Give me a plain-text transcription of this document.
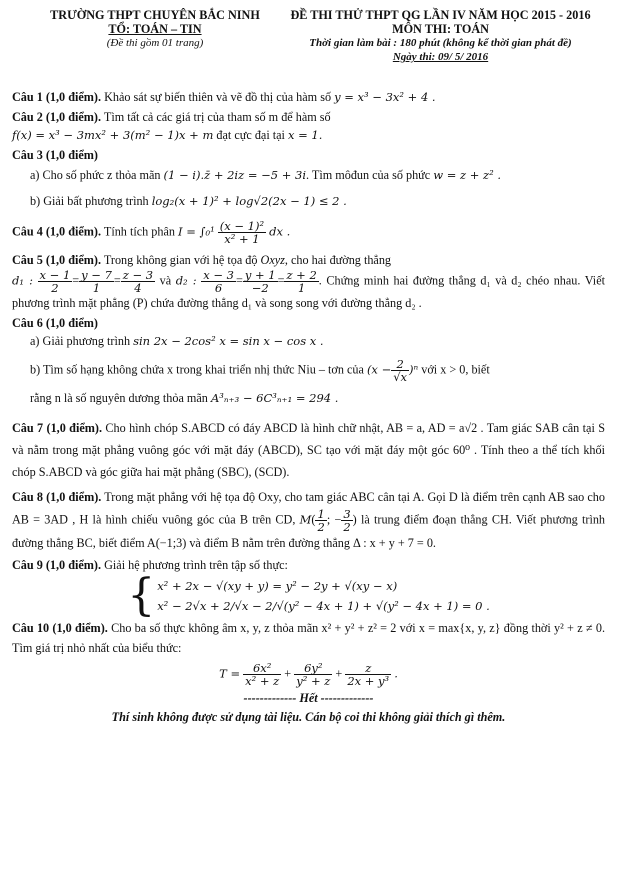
TRƯỜNG THPT CHUYÊN BẮC NINH
TỔ: TOÁN – TIN
(Đề thi gồm 01 trang)
ĐỀ THI THỬ THPT QG LẦN IV NĂM HỌC 2015 - 2016
MÔN THI: TOÁN
Thời gian làm bài : 180 phút (không kể thời gian phát đề)
Ngày thi: 09/ 5/ 2016

Câu 1 (1,0 điểm). Khảo sát sự biến thiên và vẽ đồ thị của hàm số y = x³ − 3x² + 4 .

Câu 2 (1,0 điểm). Tìm tất cả các giá trị của tham số m để hàm số
f(x) = x³ − 3mx² + 3(m² − 1)x + m đạt cực đại tại x = 1.

Câu 3 (1,0 điểm)

a) Cho số phức z thỏa mãn (1 − i).z̄ + 2iz = −5 + 3i. Tìm môđun của số phức w = z + z² .

b) Giải bất phương trình log₂(x + 1)² + log√2(2x − 1) ≤ 2 .

Câu 4 (1,0 điểm). Tính tích phân $I = \int_0^1 \frac{\text{(x − 1)²}}{\text{x² + 1}}$ dx .

Câu 5 (1,0 điểm). Trong không gian với hệ tọa độ Oxyz, cho hai đường thẳng
d₁ : $\frac{x - 1}{2} = \frac{y - 7}{1} = \frac{z - 3}{4}$ và d₂ : $\frac{x - 3}{6} = \frac{y + 1}{-2} = \frac{z + 2}{1}$ . Chứng minh hai đường thẳng d₁ và d₂ chéo nhau. Viết phương trình mặt phẳng (P) chứa đường thẳng d₁ và song song với đường thẳng d₂ .

Câu 6 (1,0 điểm)

a) Giải phương trình sin 2x − 2cos² x = sin x − cos x .

b) Tìm số hạng không chứa x trong khai triển nhị thức Niu – tơn của $(x - \frac{2}{√x} )^n$ với x > 0, biết

rằng n là số nguyên dương thỏa mãn A³ₙ₊₃ − 6C³ₙ₊₁ = 294 .

Câu 7 (1,0 điểm). Cho hình chóp S.ABCD có đáy ABCD là hình chữ nhật, AB = a, AD = a√2 . Tam giác SAB cân tại S và nằm trong mặt phẳng vuông góc với mặt đáy (ABCD), SC tạo với mặt đáy một góc 60⁰ . Tính theo a thể tích khối chóp S.ABCD và góc giữa hai mặt phẳng (SBC), (SCD).

Câu 8 (1,0 điểm). Trong mặt phẳng với hệ tọa độ Oxy, cho tam giác ABC cân tại A. Gọi D là điểm trên cạnh AB sao cho AB = 3AD , H là hình chiếu vuông góc của B trên CD, $M( \frac{1}{2}$ ; − $\frac{3}{2}$ ) là trung điểm đoạn thẳng CH. Viết phương trình đường thẳng BC, biết điểm A(−1;3) và điểm B nằm trên đường thẳng Δ : x + y + 7 = 0.

Câu 9 (1,0 điểm). Giải hệ phương trình trên tập số thực:

{ x² + 2x − √(xy + y) = y² − 2y + √(xy − x)
x² − 2√x + 2/√x − 2/√(y² − 4x + 1) + √(y² − 4x + 1) = 0 .

Câu 10 (1,0 điểm). Cho ba số thực không âm x, y, z thỏa mãn x² + y² + z² = 2 với x = max{x, y, z} đồng thời y² + z ≠ 0. Tìm giá trị nhỏ nhất của biểu thức:

$T = \frac{\text{6x²}}{\text{x² + z}} + \frac{\text{6y²}}{\text{y² + z}} + \frac{z}{\text{2x + y³}}$ .
------------- Hết -------------
Thí sinh không được sử dụng tài liệu. Cán bộ coi thi không giải thích gì thêm.
